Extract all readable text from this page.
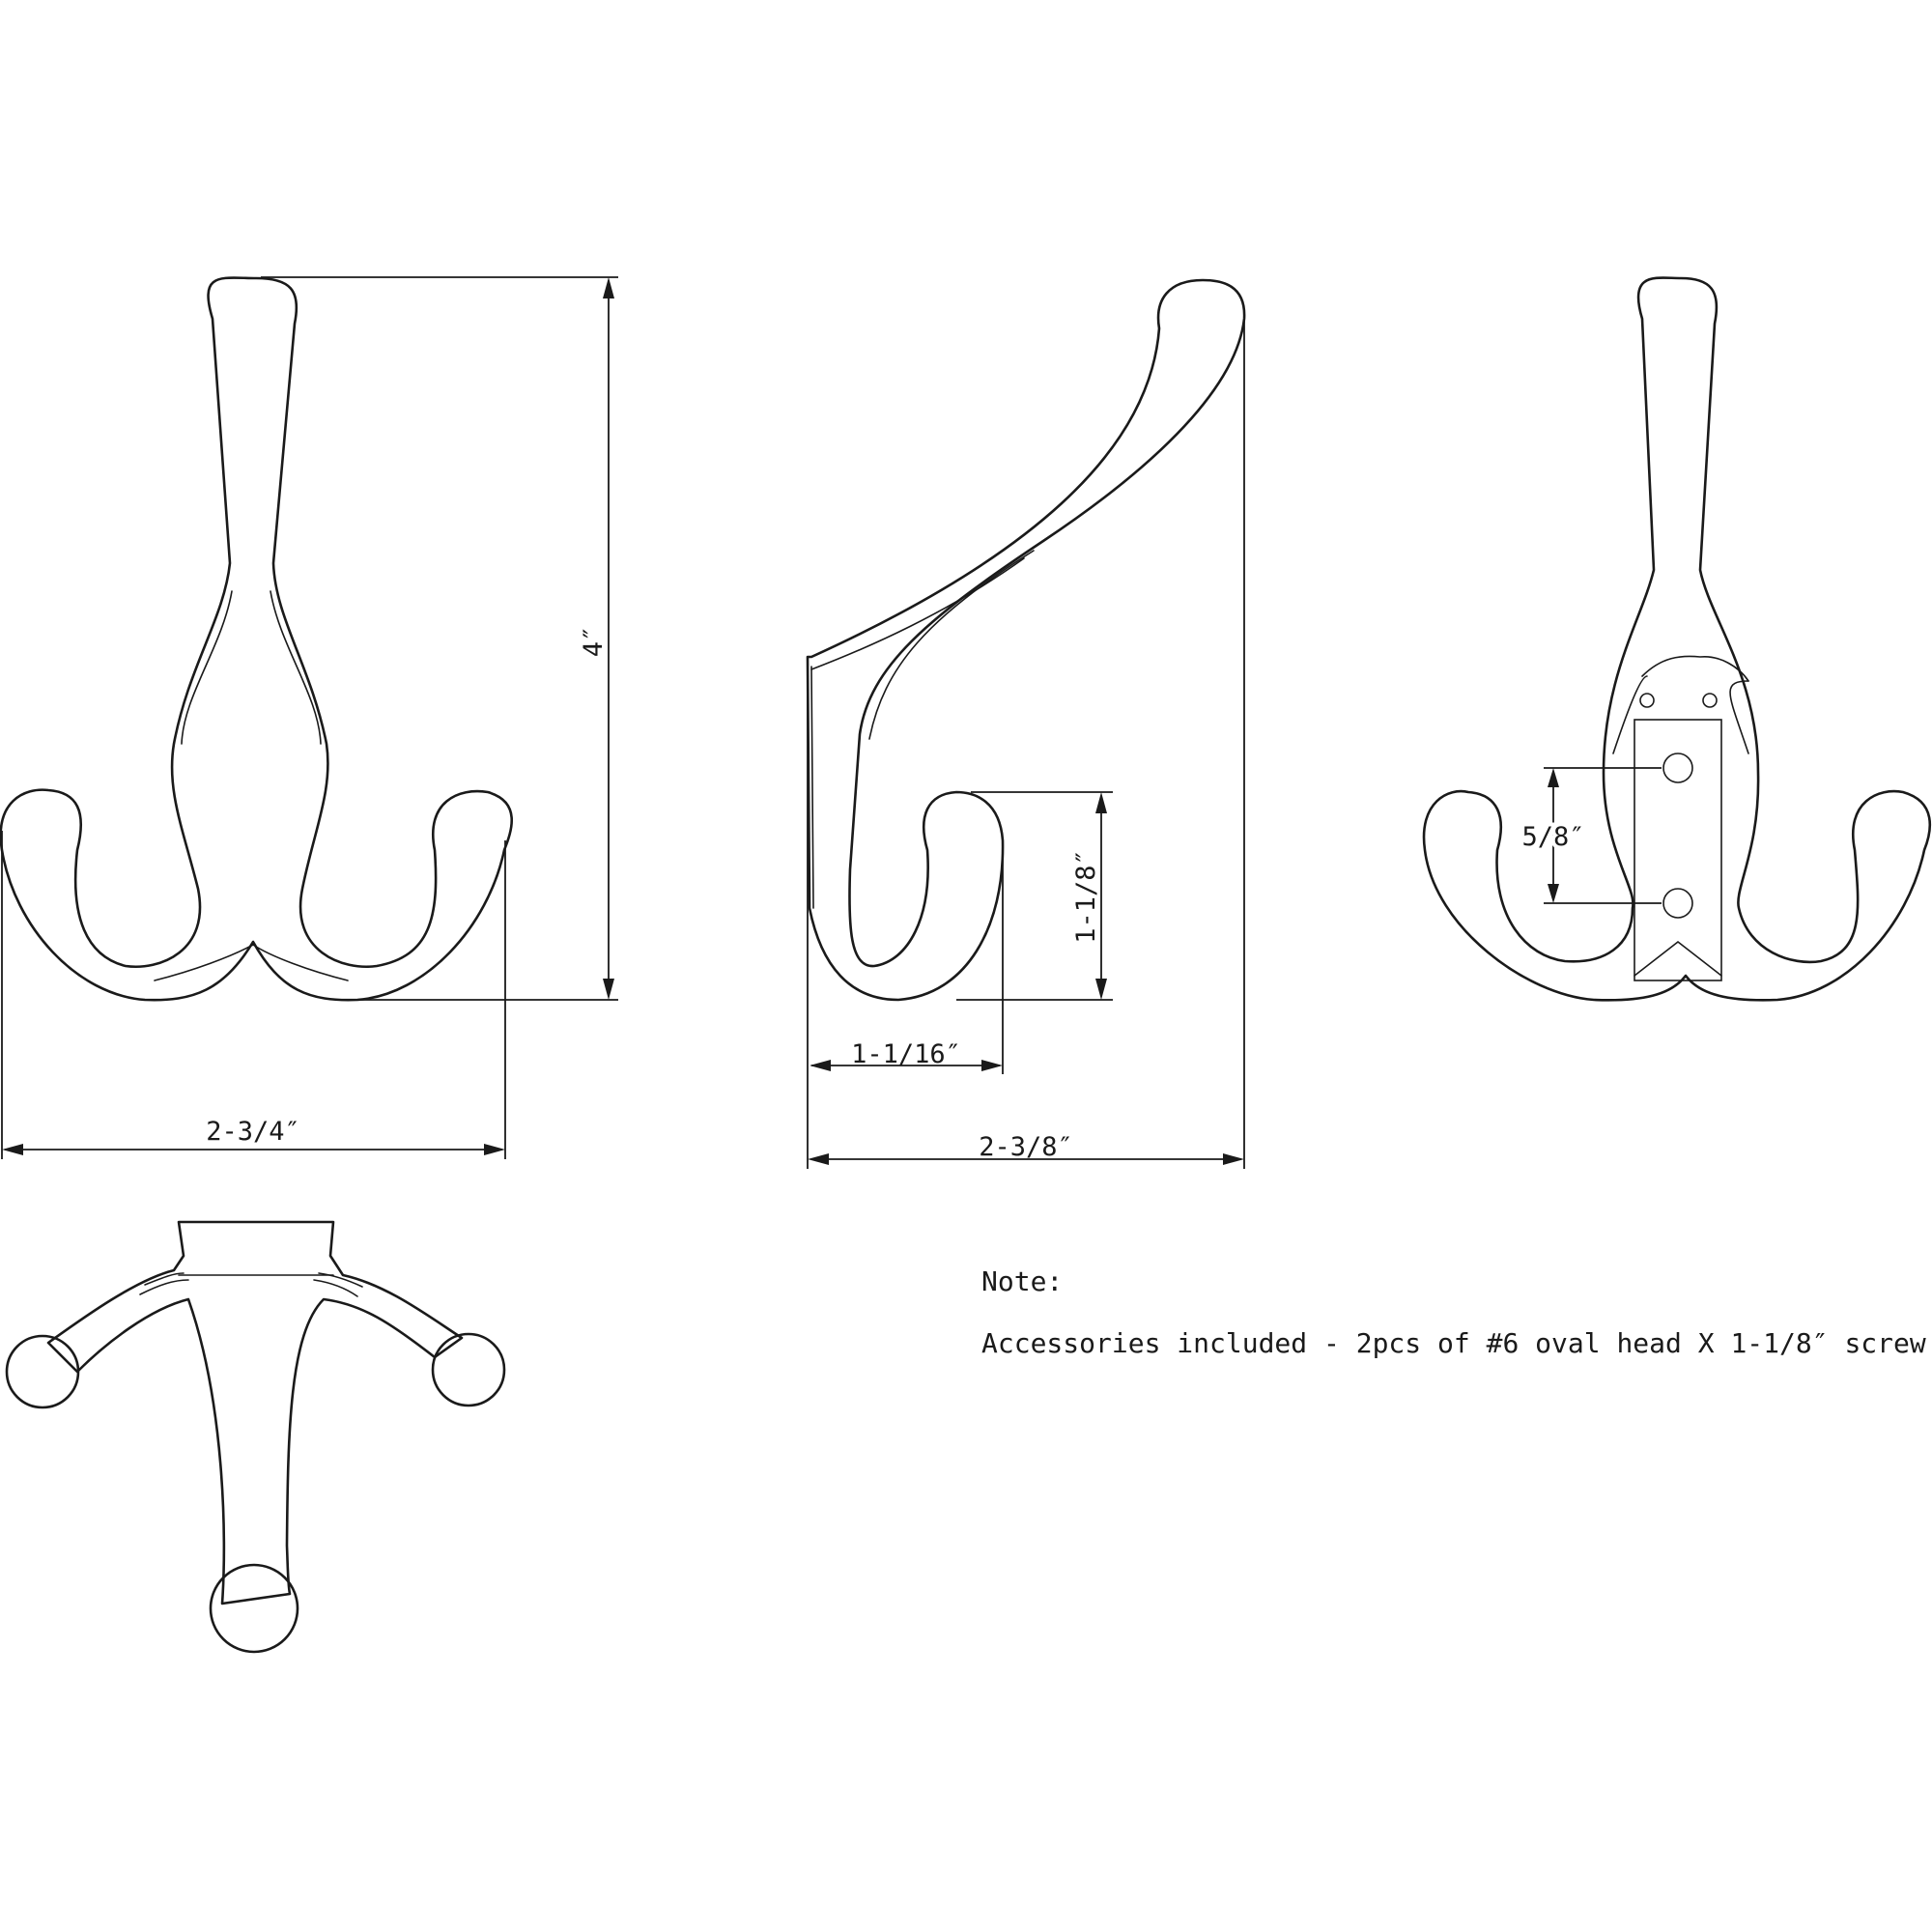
4″
2-3/4″
2-3/8″
1-1/16″
1-1/8″
5/8″
Note:
Accessories included - 2pcs of #6 oval head X 1-1/8″ screw
